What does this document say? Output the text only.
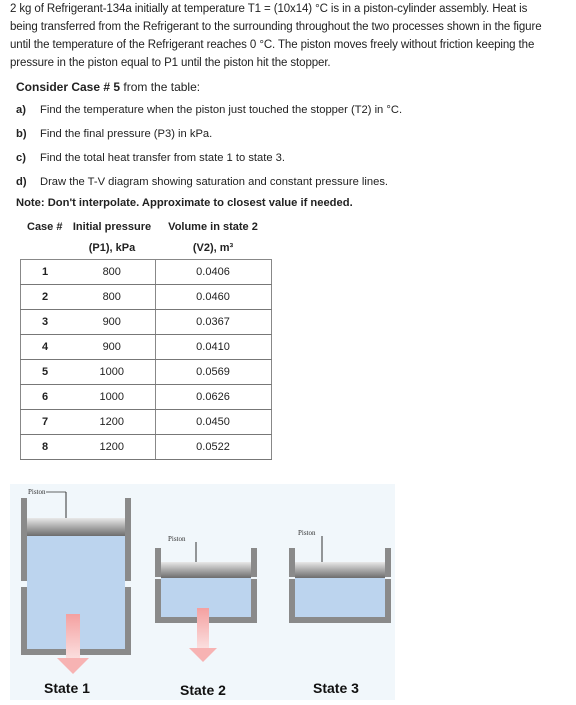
2 kg of Refrigerant-134a initially at temperature T1 = (10x14) °C is in a piston-cylinder assembly. Heat is

being transferred from the Refrigerant to the surrounding throughout the two processes shown in the figure

until the temperature of the Refrigerant reaches 0 °C. The piston moves freely without friction keeping the

pressure in the piston equal to P1 until the piston hit the stopper.

Consider Case # 5 from the table:
a) Find the temperature when the piston just touched the stopper (T2) in °C.
b) Find the final pressure (P3) in kPa.
c) Find the total heat transfer from state 1 to state 3.
d) Draw the T-V diagram showing saturation and constant pressure lines.
Note: Don't interpolate. Approximate to closest value if needed.
Case #	Initial pressure	Volume in state 2
	(P1), kPa	(V2), m³
1	800	0.0406
2	800	0.0460
3	900	0.0367
4	900	0.0410
5	1000	0.0569
6	1000	0.0626
7	1200	0.0450
8	1200	0.0522
Piston
Piston
Piston
State 1	State 2	State 3
